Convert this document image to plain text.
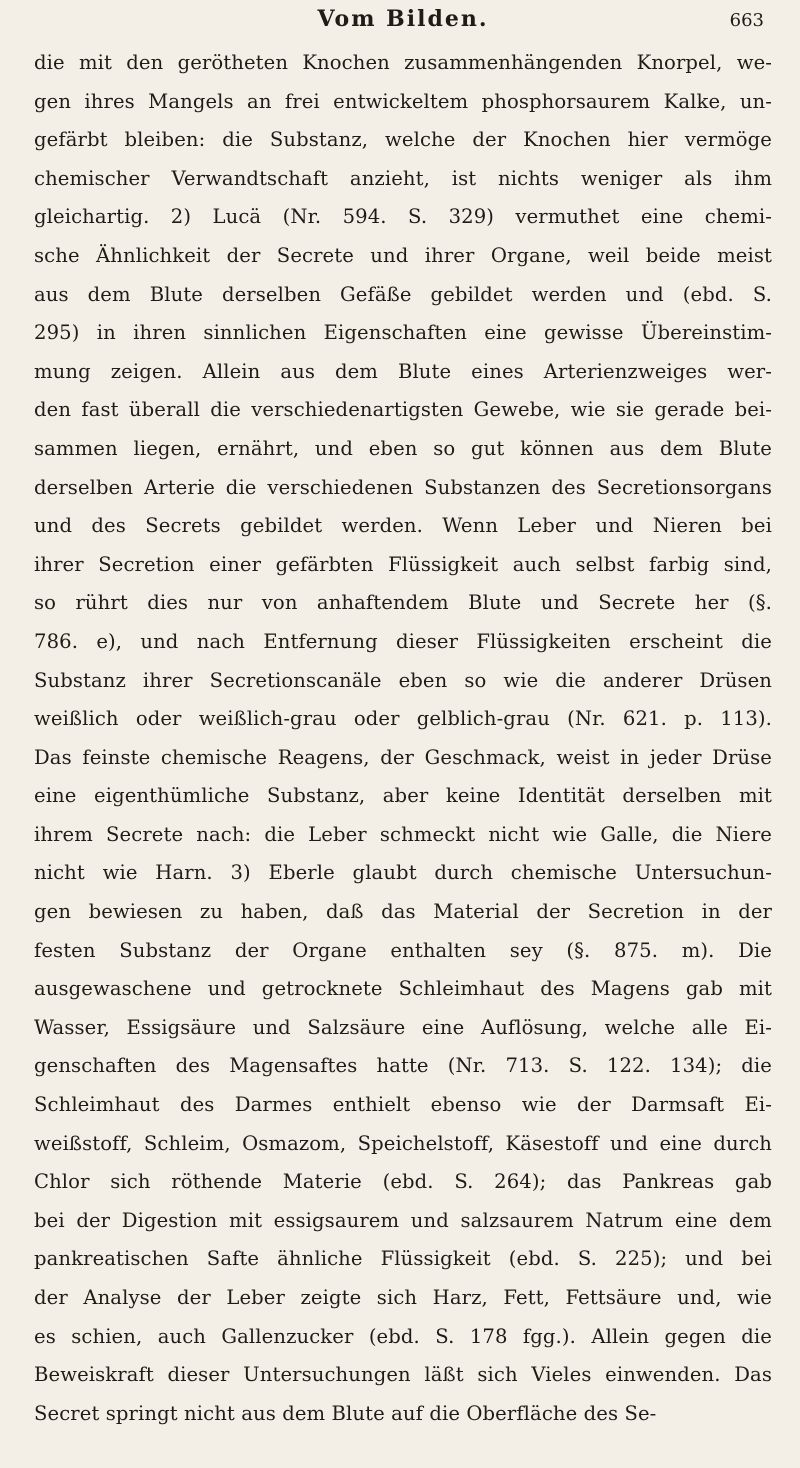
Vom Bilden.	663
die mit den gerötheten Knochen zusammenhängenden Knorpel, we-
gen ihres Mangels an frei entwickeltem phosphorsaurem Kalke, un-
gefärbt bleiben: die Substanz, welche der Knochen hier vermöge
chemischer Verwandtschaft anzieht, ist nichts weniger als ihm
gleichartig. 2) Lucä (Nr. 594. S. 329) vermuthet eine chemi-
sche Ähnlichkeit der Secrete und ihrer Organe, weil beide meist
aus dem Blute derselben Gefäße gebildet werden und (ebd. S.
295) in ihren sinnlichen Eigenschaften eine gewisse Übereinstim-
mung zeigen. Allein aus dem Blute eines Arterienzweiges wer-
den fast überall die verschiedenartigsten Gewebe, wie sie gerade bei-
sammen liegen, ernährt, und eben so gut können aus dem Blute
derselben Arterie die verschiedenen Substanzen des Secretionsorgans
und des Secrets gebildet werden. Wenn Leber und Nieren bei
ihrer Secretion einer gefärbten Flüssigkeit auch selbst farbig sind,
so rührt dies nur von anhaftendem Blute und Secrete her (§.
786. e), und nach Entfernung dieser Flüssigkeiten erscheint die
Substanz ihrer Secretionscanäle eben so wie die anderer Drüsen
weißlich oder weißlich-grau oder gelblich-grau (Nr. 621. p. 113).
Das feinste chemische Reagens, der Geschmack, weist in jeder Drüse
eine eigenthümliche Substanz, aber keine Identität derselben mit
ihrem Secrete nach: die Leber schmeckt nicht wie Galle, die Niere
nicht wie Harn. 3) Eberle glaubt durch chemische Untersuchun-
gen bewiesen zu haben, daß das Material der Secretion in der
festen Substanz der Organe enthalten sey (§. 875. m). Die
ausgewaschene und getrocknete Schleimhaut des Magens gab mit
Wasser, Essigsäure und Salzsäure eine Auflösung, welche alle Ei-
genschaften des Magensaftes hatte (Nr. 713. S. 122. 134); die
Schleimhaut des Darmes enthielt ebenso wie der Darmsaft Ei-
weißstoff, Schleim, Osmazom, Speichelstoff, Käsestoff und eine durch
Chlor sich röthende Materie (ebd. S. 264); das Pankreas gab
bei der Digestion mit essigsaurem und salzsaurem Natrum eine dem
pankreatischen Safte ähnliche Flüssigkeit (ebd. S. 225); und bei
der Analyse der Leber zeigte sich Harz, Fett, Fettsäure und, wie
es schien, auch Gallenzucker (ebd. S. 178 fgg.). Allein gegen die
Beweiskraft dieser Untersuchungen läßt sich Vieles einwenden. Das
Secret springt nicht aus dem Blute auf die Oberfläche des Se-
